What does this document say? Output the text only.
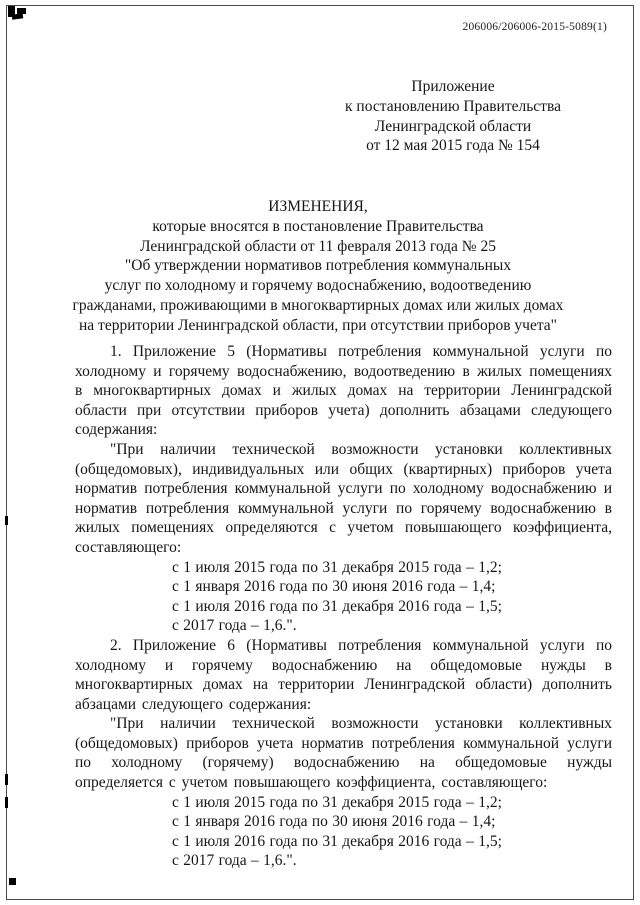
206006/206006-2015-5089(1)
Приложение
к постановлению Правительства
Ленинградской области
от 12 мая 2015 года № 154
ИЗМЕНЕНИЯ,
которые вносятся в постановление Правительства
Ленинградской области от 11 февраля 2013 года № 25
"Об утверждении нормативов потребления коммунальных
услуг по холодному и горячему водоснабжению, водоотведению
гражданами, проживающими в многоквартирных домах или жилых домах
на территории Ленинградской области, при отсутствии приборов учета"

1. Приложение 5 (Нормативы потребления коммунальной услуги по холодному и горячему водоснабжению, водоотведению в жилых помещениях в многоквартирных домах и жилых домах на территории Ленинградской области при отсутствии приборов учета) дополнить абзацами следующего содержания:

"При наличии технической возможности установки коллективных (общедомовых), индивидуальных или общих (квартирных) приборов учета норматив потребления коммунальной услуги по холодному водоснабжению и норматив потребления коммунальной услуги по горячему водоснабжению в жилых помещениях определяются с учетом повышающего коэффициента, составляющего:

с 1 июля 2015 года по 31 декабря 2015 года – 1,2;

с 1 января 2016 года по 30 июня 2016 года – 1,4;

с 1 июля 2016 года по 31 декабря 2016 года – 1,5;

с 2017 года – 1,6.".

2. Приложение 6 (Нормативы потребления коммунальной услуги по холодному и горячему водоснабжению на общедомовые нужды в многоквартирных домах на территории Ленинградской области) дополнить абзацами следующего содержания:

"При наличии технической возможности установки коллективных (общедомовых) приборов учета норматив потребления коммунальной услуги по холодному (горячему) водоснабжению на общедомовые нужды определяется с учетом повышающего коэффициента, составляющего:

с 1 июля 2015 года по 31 декабря 2015 года – 1,2;

с 1 января 2016 года по 30 июня 2016 года – 1,4;

с 1 июля 2016 года по 31 декабря 2016 года – 1,5;

с 2017 года – 1,6.".
